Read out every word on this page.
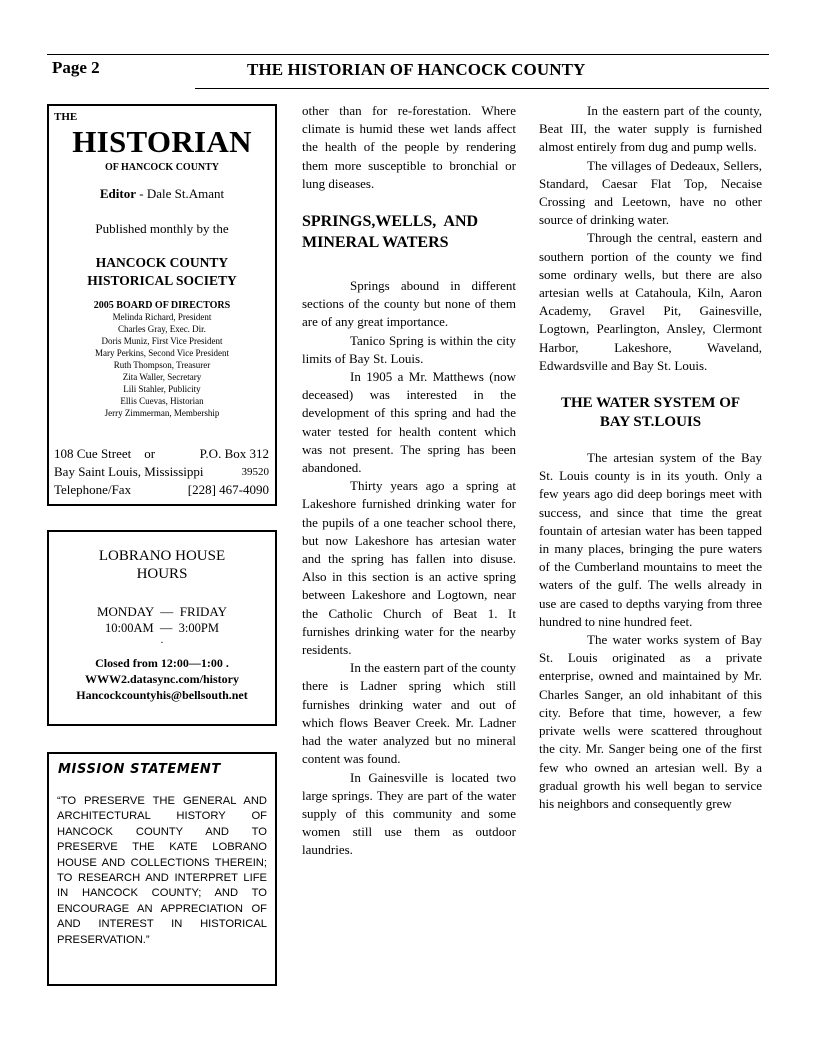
Page 2	THE HISTORIAN OF HANCOCK COUNTY
THE
HISTORIAN
OF HANCOCK COUNTY
Editor - Dale St.Amant
Published monthly by the
HANCOCK COUNTY
HISTORICAL SOCIETY
2005 BOARD OF DIRECTORS
Melinda Richard, President
Charles Gray, Exec. Dir.
Doris Muniz, First Vice President
Mary Perkins, Second Vice President
Ruth Thompson, Treasurer
Zita Waller, Secretary
Lili Stahler, Publicity
Ellis Cuevas, Historian
Jerry Zimmerman, Membership
108 Cue Street    or	P.O. Box 312
Bay Saint Louis, Mississippi	39520
Telephone/Fax	[228] 467-4090
LOBRANO HOUSE
HOURS
MONDAY  —  FRIDAY
10:00AM  —  3:00PM
.
Closed from 12:00—1:00 .
WWW2.datasync.com/history
Hancockcountyhis@bellsouth.net
MISSION STATEMENT
“TO PRESERVE THE GENERAL AND ARCHITECTURAL HISTORY OF HANCOCK COUNTY AND TO PRESERVE THE KATE LOBRANO HOUSE AND COLLECTIONS THEREIN; TO RESEARCH AND INTERPRET LIFE IN HANCOCK COUNTY; AND TO ENCOURAGE AN APPRECIATION OF AND INTEREST IN HISTORICAL PRESERVATION.”

other than for re-forestation. Where climate is humid these wet lands affect the health of the people by rendering them more susceptible to bronchial or lung diseases.

SPRINGS,WELLS,  AND MINERAL WATERS

Springs abound in different sections of the county but none of them are of any great importance.

Tanico Spring is within the city limits of Bay St. Louis.

In 1905 a Mr. Matthews (now deceased) was interested in the development of this spring and had the water tested for health content which was not present. The spring has been abandoned.

Thirty years ago a spring at Lakeshore furnished drinking water for the pupils of a one teacher school there, but now Lakeshore has artesian water and the spring has fallen into disuse. Also in this section is an active spring between Lakeshore and Logtown, near the Catholic Church of Beat 1. It furnishes drinking water for the nearby residents.

In the eastern part of the county there is Ladner spring which still furnishes drinking water and out of which flows Beaver Creek. Mr. Ladner had the water analyzed but no mineral content was found.

In Gainesville is located two large springs. They are part of the water supply of this community and some women still use them as outdoor laundries.

In the eastern part of the county, Beat III, the water supply is furnished almost entirely from dug and pump wells.

The villages of Dedeaux, Sellers, Standard, Caesar Flat Top, Necaise Crossing and Leetown, have no other source of drinking water.

Through the central, eastern and southern portion of the county we find some ordinary wells, but there are also artesian wells at Catahoula, Kiln, Aaron Academy, Gravel Pit, Gainesville, Logtown, Pearlington, Ansley, Clermont Harbor, Lakeshore, Waveland, Edwardsville and Bay St. Louis.

THE WATER SYSTEM OF
BAY ST.LOUIS

The artesian system of the Bay St. Louis county is in its youth. Only a few years ago did deep borings meet with success, and since that time the great fountain of artesian water has been tapped in many places, bringing the pure waters of the Cumberland mountains to meet the waters of the gulf. The wells already in use are cased to depths varying from three hundred to nine hundred feet.

The water works system of Bay St. Louis originated as a private enterprise, owned and maintained by Mr. Charles Sanger, an old inhabitant of this city. Before that time, however, a few private wells were scattered throughout the city. Mr. Sanger being one of the first few who owned an artesian well. By a gradual growth his well began to service his neighbors and consequently grew
